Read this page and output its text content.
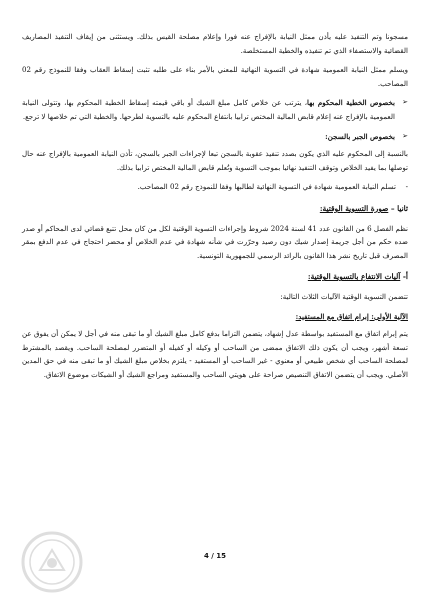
مسجونا وتم التنفيذ عليه يأذن ممثل النيابة بالإفراج عنه فورا وإعلام مصلحة القيس بذلك. ويستثنى من إيقاف التنفيذ المصاريف القضائية والاستصفاء الذي تم تنفيذه والخطية المستخلصة.

ويسلم ممثل النيابة العمومية شهادة في التسوية النهائية للمعني بالأمر بناء على طلبه تثبت إسقاط العقاب وفقا للنموذج رقم 02 المصاحب.

➢ بخصوص الخطية المحكوم بها، يترتب عن خلاص كامل مبلغ الشيك أو باقي قيمته إسقاط الخطية المحكوم بها، وتتولى النيابة العمومية بالإفراج عنه إعلام قابض المالية المختص ترابيا بانتفاع المحكوم عليه بالتسوية لطرحها. والخطية التي تم خلاصها لا ترجع.

➢ بخصوص الجبر بالسجن:

بالنسبة إلى المحكوم عليه الذي يكون بصدد تنفيذ عقوبة بالسجن تبعا لإجراءات الجبر بالسجن، تأذن النيابة العمومية بالإفراج عنه حال توصلها بما يفيد الخلاص وتوقف التنفيذ نهائيا بموجب التسوية وتُعلم قابض المالية المختص ترابيا بذلك.

-
تسلم النيابة العمومية شهادة في التسوية النهائية لطالبها وفقا للنموذج رقم 02 المصاحب.

ثانيا – صورة التسوية الوقتية:

نظم الفصل 6 من القانون عدد 41 لسنة 2024 شروط وإجراءات التسوية الوقتية لكل من كان محل تتبع قضائي لدى المحاكم أو صدر ضده حكم من أجل جريمة إصدار شيك دون رصيد وحرّرت في شأنه شهادة في عدم الخلاص أو محضر احتجاج في عدم الدفع بمقر المصرف قبل تاريخ نشر هذا القانون بالرائد الرسمي للجمهورية التونسية.

أ- آليات الانتفاع بالتسوية الوقتية:

تتضمن التسوية الوقتية الآليات الثلاث التالية:

الآلية الأولى: إبرام اتفاق مع المستفيد:

يتم إبرام اتفاق مع المستفيد بواسطة عدل إشهاد، يتضمن التزاما بدفع كامل مبلغ الشيك أو ما تبقى منه في أجل لا يمكن أن يفوق عن تسعة أشهر، ويجب أن يكون ذلك الاتفاق ممضى من الساحب أو وكيله أو كفيله أو المتضرر لمصلحة الساحب. ويقصد بالمشترط لمصلحة الساحب أي شخص طبيعي أو معنوي - غير الساحب أو المستفيد - يلتزم بخلاص مبلغ الشيك أو ما تبقى منه في حق المدين الأصلي. ويجب أن يتضمن الاتفاق التنصيص صراحة على هويتي الساحب والمستفيد ومراجع الشيك أو الشيكات موضوع الاتفاق.

4 / 15
